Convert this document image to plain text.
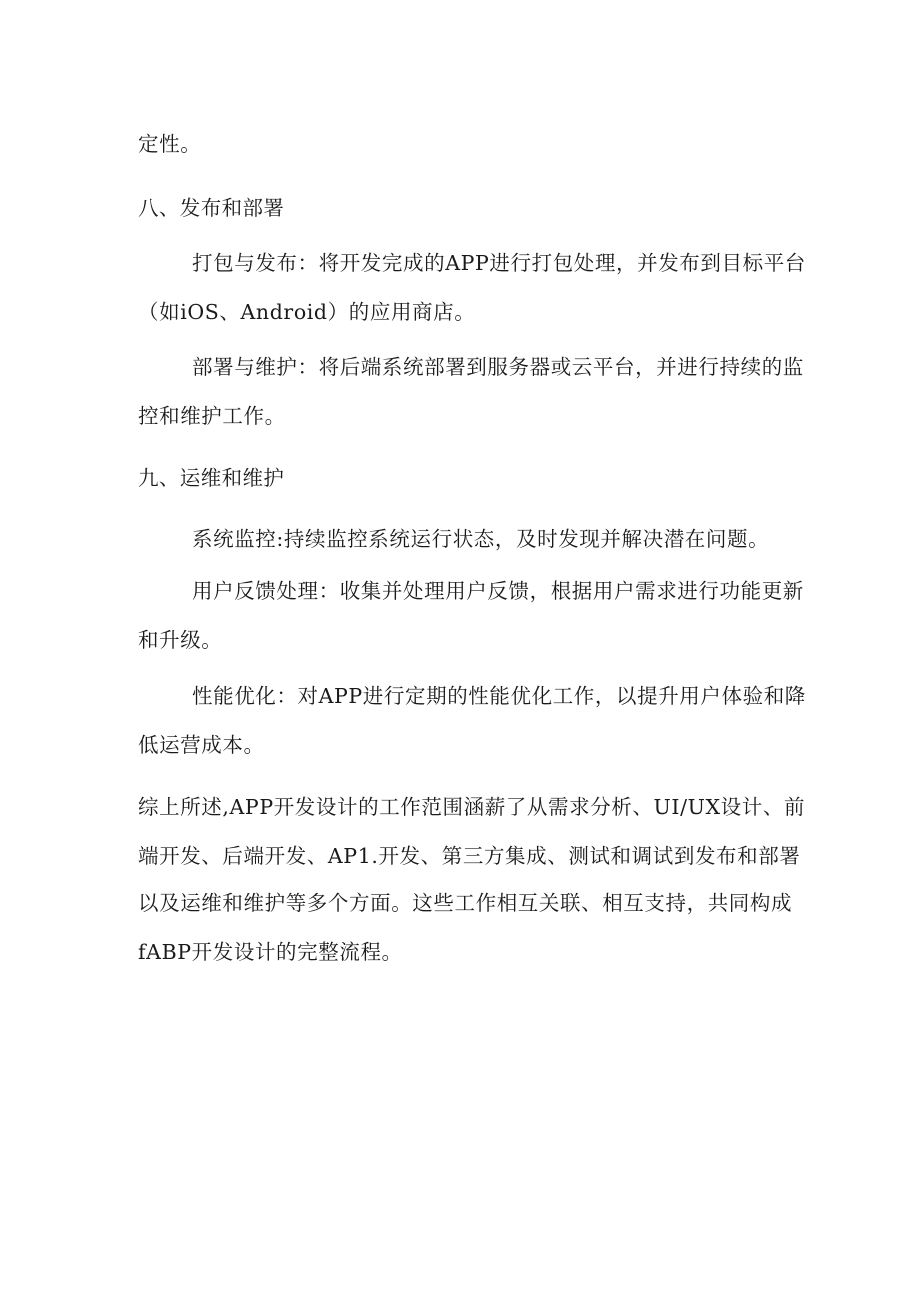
定性。
八、发布和部署
打包与发布：将开发完成的APP进行打包处理，并发布到目标平台
（如iOS、Android）的应用商店。
部署与维护：将后端系统部署到服务器或云平台，并进行持续的监
控和维护工作。
九、运维和维护
系统监控:持续监控系统运行状态，及时发现并解决潜在问题。
用户反馈处理：收集并处理用户反馈，根据用户需求进行功能更新
和升级。
性能优化：对APP进行定期的性能优化工作，以提升用户体验和降
低运营成本。
综上所述,APP开发设计的工作范围涵薪了从需求分析、UI/UX设计、前
端开发、后端开发、AP1.开发、第三方集成、测试和调试到发布和部署
以及运维和维护等多个方面。这些工作相互关联、相互支持，共同构成
fABP开发设计的完整流程。
